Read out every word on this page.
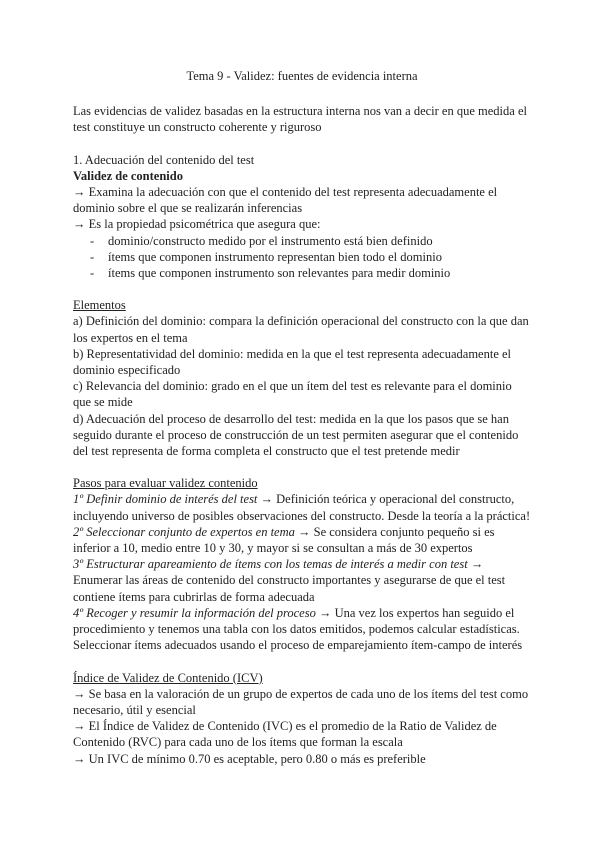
Tema 9 - Validez: fuentes de evidencia interna

Las evidencias de validez basadas en la estructura interna nos van a decir en que medida el test constituye un constructo coherente y riguroso

1. Adecuación del contenido del test

Validez de contenido

→ Examina la adecuación con que el contenido del test representa adecuadamente el dominio sobre el que se realizarán inferencias

→ Es la propiedad psicométrica que asegura que:

- dominio/constructo medido por el instrumento está bien definido
- ítems que componen instrumento representan bien todo el dominio
- ítems que componen instrumento son relevantes para medir dominio

Elementos

a) Definición del dominio: compara la definición operacional del constructo con la que dan los expertos en el tema

b) Representatividad del dominio: medida en la que el test representa adecuadamente el dominio especificado

c) Relevancia del dominio: grado en el que un ítem del test es relevante para el dominio que se mide

d) Adecuación del proceso de desarrollo del test: medida en la que los pasos que se han seguido durante el proceso de construcción de un test permiten asegurar que el contenido del test representa de forma completa el constructo que el test pretende medir

Pasos para evaluar validez contenido

1º Definir dominio de interés del test → Definición teórica y operacional del constructo, incluyendo universo de posibles observaciones del constructo. Desde la teoría a la práctica!

2º Seleccionar conjunto de expertos en tema → Se considera conjunto pequeño si es inferior a 10, medio entre 10 y 30, y mayor si se consultan a más de 30 expertos

3º Estructurar apareamiento de ítems con los temas de interés a medir con test → Enumerar las áreas de contenido del constructo importantes y asegurarse de que el test contiene ítems para cubrirlas de forma adecuada

4º Recoger y resumir la información del proceso → Una vez los expertos han seguido el procedimiento y tenemos una tabla con los datos emitidos, podemos calcular estadísticas. Seleccionar ítems adecuados usando el proceso de emparejamiento ítem-campo de interés

Índice de Validez de Contenido (ICV)

→ Se basa en la valoración de un grupo de expertos de cada uno de los ítems del test como necesario, útil y esencial

→ El Índice de Validez de Contenido (IVC) es el promedio de la Ratio de Validez de Contenido (RVC) para cada uno de los ítems que forman la escala

→ Un IVC de mínimo 0.70 es aceptable, pero 0.80 o más es preferible
